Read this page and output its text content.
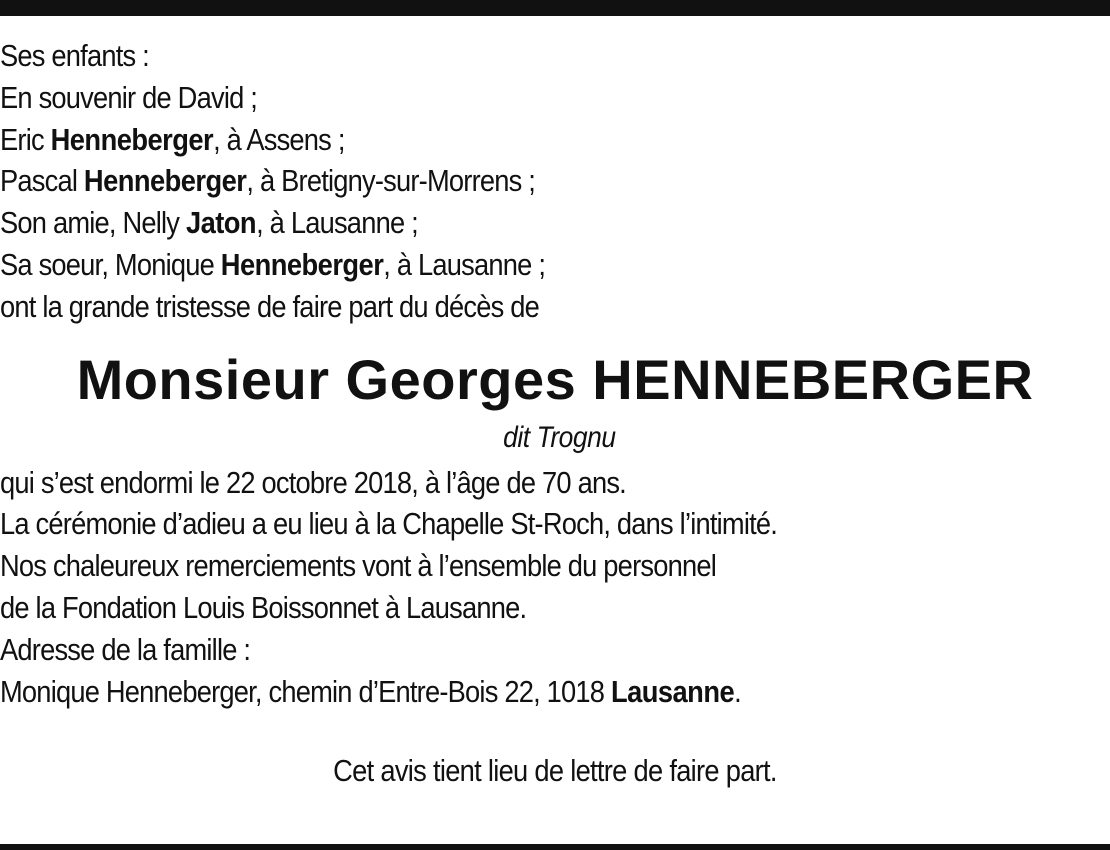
Ses enfants :
En souvenir de David ;
Eric Henneberger, à Assens ;
Pascal Henneberger, à Bretigny-sur-Morrens ;
Son amie, Nelly Jaton, à Lausanne ;
Sa soeur, Monique Henneberger, à Lausanne ;
ont la grande tristesse de faire part du décès de
Monsieur Georges HENNEBERGER
dit Trognu
qui s’est endormi le 22 octobre 2018, à l’âge de 70 ans.
La cérémonie d’adieu a eu lieu à la Chapelle St-Roch, dans l’intimité.
Nos chaleureux remerciements vont à l’ensemble du personnel
de la Fondation Louis Boissonnet à Lausanne.
Adresse de la famille :
Monique Henneberger, chemin d’Entre-Bois 22, 1018 Lausanne.
Cet avis tient lieu de lettre de faire part.
